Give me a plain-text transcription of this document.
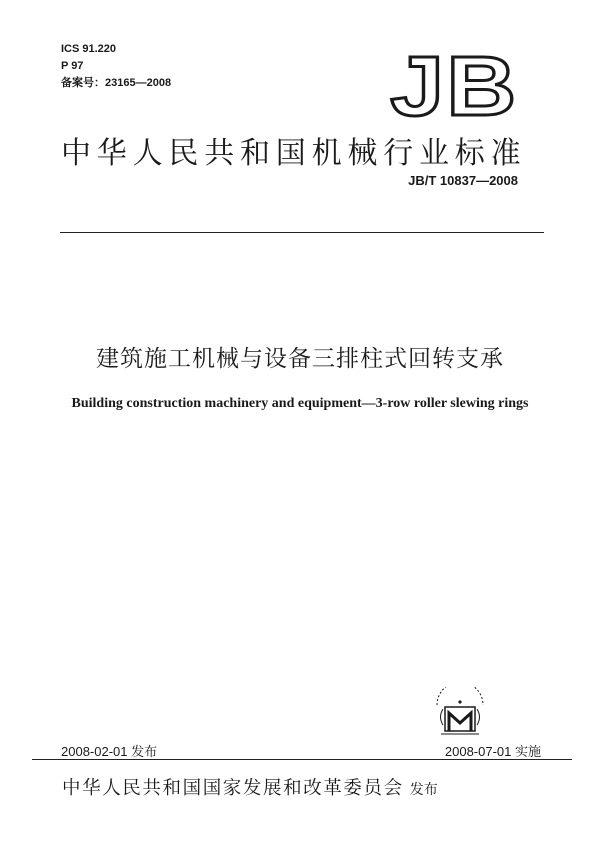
ICS 91.220
P 97
备案号：23165—2008	JB
中华人民共和国机械行业标准
JB/T 10837—2008
建筑施工机械与设备三排柱式回转支承
Building construction machinery and equipment—3-row roller slewing rings
2008-02-01 发布	2008-07-01 实施
中华人民共和国国家发展和改革委员会 发布
